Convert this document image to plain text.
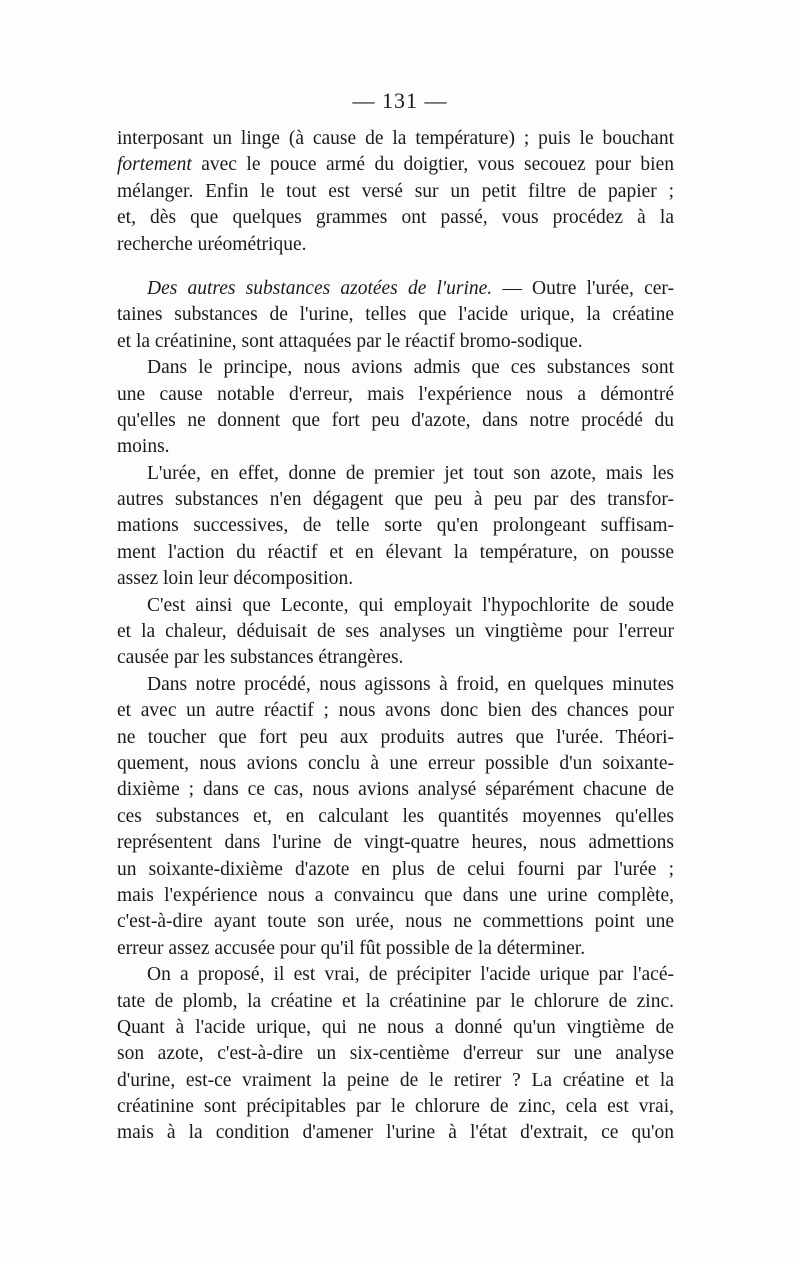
— 131 —
interposant un linge (à cause de la température) ; puis le bouchant
fortement avec le pouce armé du doigtier, vous secouez pour bien
mélanger. Enfin le tout est versé sur un petit filtre de papier ;
et, dès que quelques grammes ont passé, vous procédez à la
recherche uréométrique.
Des autres substances azotées de l'urine. — Outre l'urée, cer-
taines substances de l'urine, telles que l'acide urique, la créatine
et la créatinine, sont attaquées par le réactif bromo-sodique.
Dans le principe, nous avions admis que ces substances sont
une cause notable d'erreur, mais l'expérience nous a démontré
qu'elles ne donnent que fort peu d'azote, dans notre procédé du
moins.
L'urée, en effet, donne de premier jet tout son azote, mais les
autres substances n'en dégagent que peu à peu par des transfor-
mations successives, de telle sorte qu'en prolongeant suffisam-
ment l'action du réactif et en élevant la température, on pousse
assez loin leur décomposition.
C'est ainsi que Leconte, qui employait l'hypochlorite de soude
et la chaleur, déduisait de ses analyses un vingtième pour l'erreur
causée par les substances étrangères.
Dans notre procédé, nous agissons à froid, en quelques minutes
et avec un autre réactif ; nous avons donc bien des chances pour
ne toucher que fort peu aux produits autres que l'urée. Théori-
quement, nous avions conclu à une erreur possible d'un soixante-
dixième ; dans ce cas, nous avions analysé séparément chacune de
ces substances et, en calculant les quantités moyennes qu'elles
représentent dans l'urine de vingt-quatre heures, nous admettions
un soixante-dixième d'azote en plus de celui fourni par l'urée ;
mais l'expérience nous a convaincu que dans une urine complète,
c'est-à-dire ayant toute son urée, nous ne commettions point une
erreur assez accusée pour qu'il fût possible de la déterminer.
On a proposé, il est vrai, de précipiter l'acide urique par l'acé-
tate de plomb, la créatine et la créatinine par le chlorure de zinc.
Quant à l'acide urique, qui ne nous a donné qu'un vingtième de
son azote, c'est-à-dire un six-centième d'erreur sur une analyse
d'urine, est-ce vraiment la peine de le retirer ? La créatine et la
créatinine sont précipitables par le chlorure de zinc, cela est vrai,
mais à la condition d'amener l'urine à l'état d'extrait, ce qu'on
